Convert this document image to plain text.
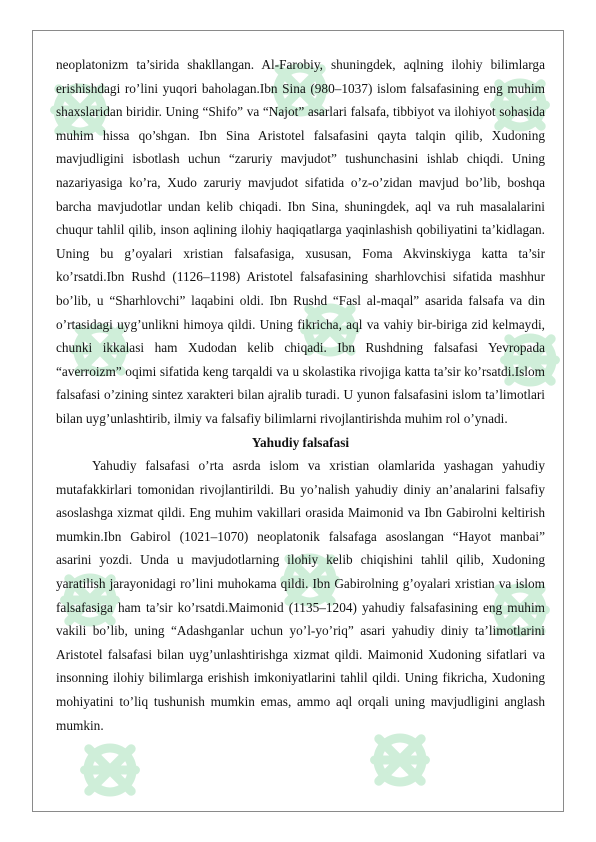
neoplatonizm ta’sirida shakllangan. Al-Farobiy, shuningdek, aqlning ilohiy bilimlarga erishishdagi ro’lini yuqori baholagan.Ibn Sina (980–1037) islom falsafasining eng muhim shaxslaridan biridir. Uning “Shifo” va “Najot” asarlari falsafa, tibbiyot va ilohiyot sohasida muhim hissa qo’shgan. Ibn Sina Aristotel falsafasini qayta talqin qilib, Xudoning mavjudligini isbotlash uchun “zaruriy mavjudot” tushunchasini ishlab chiqdi. Uning nazariyasiga ko’ra, Xudo zaruriy mavjudot sifatida o’z-o’zidan mavjud bo’lib, boshqa barcha mavjudotlar undan kelib chiqadi. Ibn Sina, shuningdek, aql va ruh masalalarini chuqur tahlil qilib, inson aqlining ilohiy haqiqatlarga yaqinlashish qobiliyatini ta’kidlagan. Uning bu g’oyalari xristian falsafasiga, xususan, Foma Akvinskiyga katta ta’sir ko’rsatdi.Ibn Rushd (1126–1198) Aristotel falsafasining sharhlovchisi sifatida mashhur bo’lib, u “Sharhlovchi” laqabini oldi. Ibn Rushd “Fasl al-maqal” asarida falsafa va din o’rtasidagi uyg’unlikni himoya qildi. Uning fikricha, aql va vahiy bir-biriga zid kelmaydi, chunki ikkalasi ham Xudodan kelib chiqadi. Ibn Rushdning falsafasi Yevropada “averroizm” oqimi sifatida keng tarqaldi va u skolastika rivojiga katta ta’sir ko’rsatdi.Islom falsafasi o’zining sintez xarakteri bilan ajralib turadi. U yunon falsafasini islom ta’limotlari bilan uyg’unlashtirib, ilmiy va falsafiy bilimlarni rivojlantirishda muhim rol o’ynadi.

Yahudiy falsafasi

Yahudiy falsafasi o’rta asrda islom va xristian olamlarida yashagan yahudiy mutafakkirlari tomonidan rivojlantirildi. Bu yo’nalish yahudiy diniy an’analarini falsafiy asoslashga xizmat qildi. Eng muhim vakillari orasida Maimonid va Ibn Gabirolni keltirish mumkin.Ibn Gabirol (1021–1070) neoplatonik falsafaga asoslangan “Hayot manbai” asarini yozdi. Unda u mavjudotlarning ilohiy kelib chiqishini tahlil qilib, Xudoning yaratilish jarayonidagi ro’lini muhokama qildi. Ibn Gabirolning g’oyalari xristian va islom falsafasiga ham ta’sir ko’rsatdi.Maimonid (1135–1204) yahudiy falsafasining eng muhim vakili bo’lib, uning “Adashganlar uchun yo’l-yo’riq” asari yahudiy diniy ta’limotlarini Aristotel falsafasi bilan uyg’unlashtirishga xizmat qildi. Maimonid Xudoning sifatlari va insonning ilohiy bilimlarga erishish imkoniyatlarini tahlil qildi. Uning fikricha, Xudoning mohiyatini to’liq tushunish mumkin emas, ammo aql orqali uning mavjudligini anglash mumkin.
